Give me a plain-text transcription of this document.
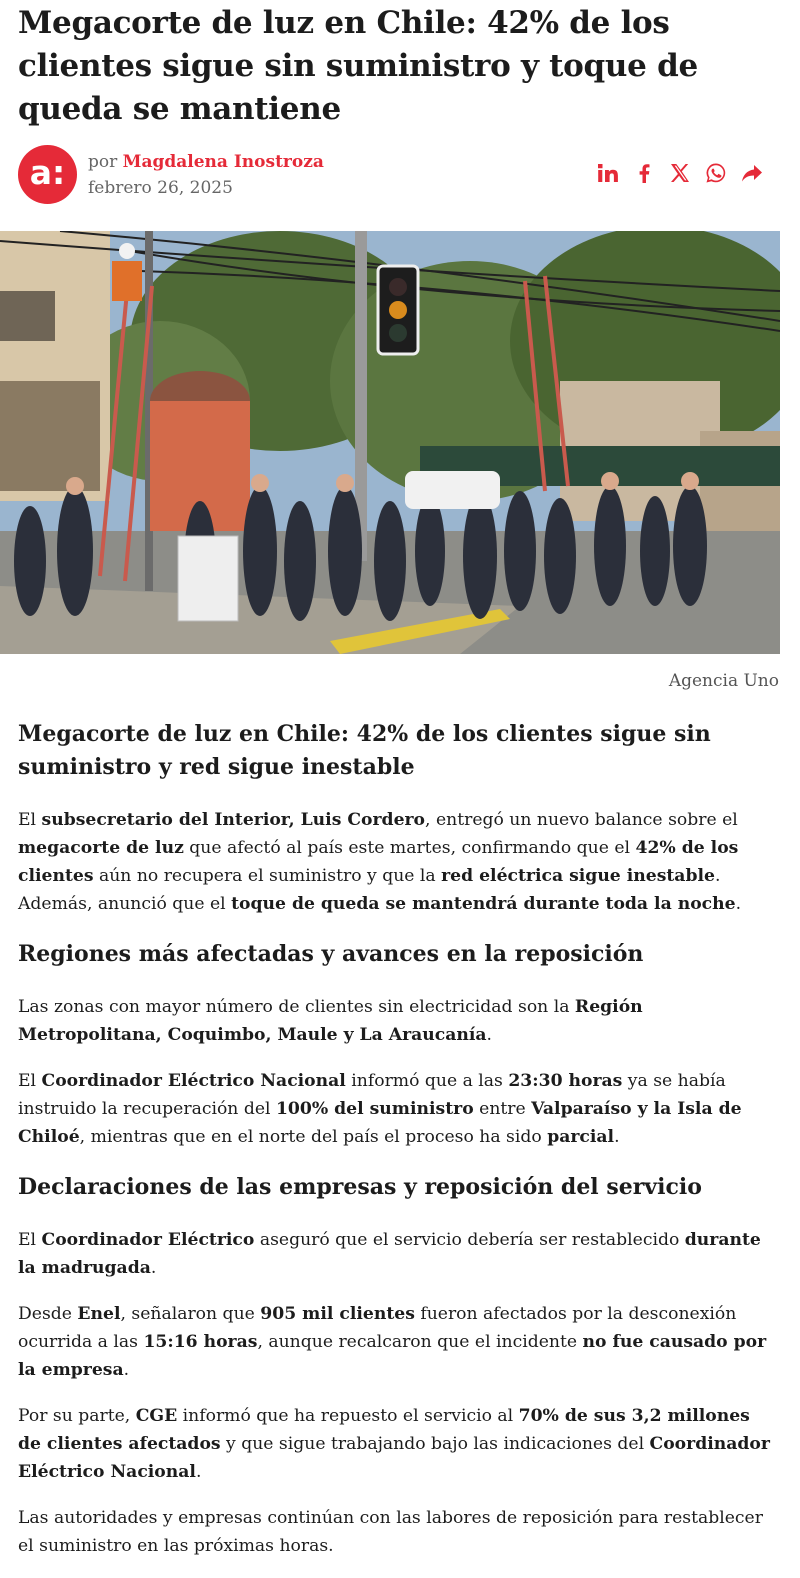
Megacorte de luz en Chile: 42% de los clientes sigue sin suministro y toque de queda se mantiene
a: por Magdalena Inostroza
febrero 26, 2025
Agencia Uno
Megacorte de luz en Chile: 42% de los clientes sigue sin suministro y red sigue inestable

El subsecretario del Interior, Luis Cordero, entregó un nuevo balance sobre el megacorte de luz que afectó al país este martes, confirmando que el 42% de los clientes aún no recupera el suministro y que la red eléctrica sigue inestable. Además, anunció que el toque de queda se mantendrá durante toda la noche.

Regiones más afectadas y avances en la reposición

Las zonas con mayor número de clientes sin electricidad son la Región Metropolitana, Coquimbo, Maule y La Araucanía.

El Coordinador Eléctrico Nacional informó que a las 23:30 horas ya se había instruido la recuperación del 100% del suministro entre Valparaíso y la Isla de Chiloé, mientras que en el norte del país el proceso ha sido parcial.

Declaraciones de las empresas y reposición del servicio

El Coordinador Eléctrico aseguró que el servicio debería ser restablecido durante la madrugada.

Desde Enel, señalaron que 905 mil clientes fueron afectados por la desconexión ocurrida a las 15:16 horas, aunque recalcaron que el incidente no fue causado por la empresa.

Por su parte, CGE informó que ha repuesto el servicio al 70% de sus 3,2 millones de clientes afectados y que sigue trabajando bajo las indicaciones del Coordinador Eléctrico Nacional.

Las autoridades y empresas continúan con las labores de reposición para restablecer el suministro en las próximas horas.
